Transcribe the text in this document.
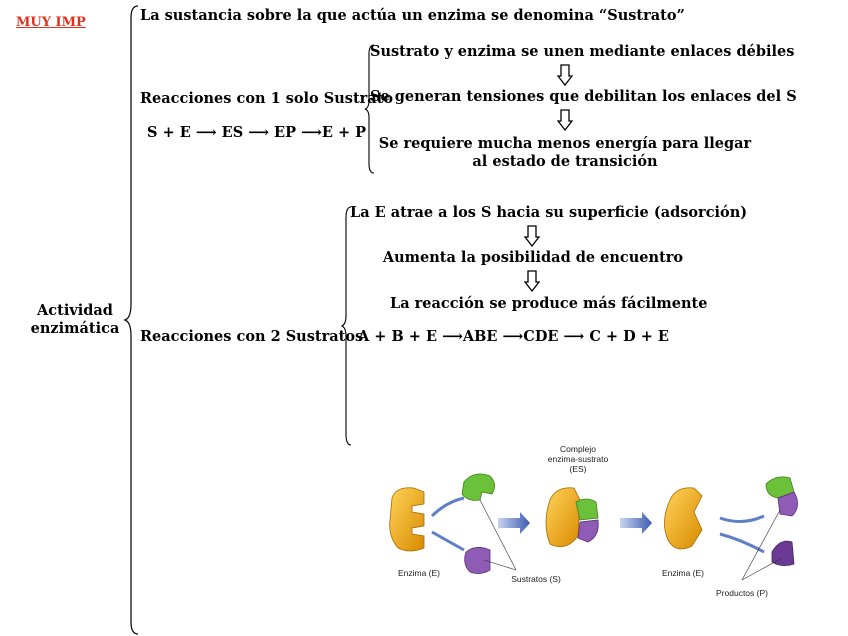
MUY IMP	La sustancia sobre la que actúa un enzima se denomina “Sustrato”
Actividad
enzimática
Reacciones con 1 solo Sustrato
S + E ⟶ ES ⟶ EP ⟶E + P
Sustrato y enzima se unen mediante enlaces débiles
Se generan tensiones que debilitan los enlaces del S
Se requiere mucha menos energía para llegar
al estado de transición
La E atrae a los S hacia su superficie (adsorción)
Aumenta la posibilidad de encuentro
La reacción se produce más fácilmente
Reacciones con 2 Sustratos
A + B + E ⟶ABE ⟶CDE ⟶ C + D + E
Complejo
enzima-sustrato
(ES)
Enzima (E)
Sustratos (S)
Enzima (E)
Productos (P)
